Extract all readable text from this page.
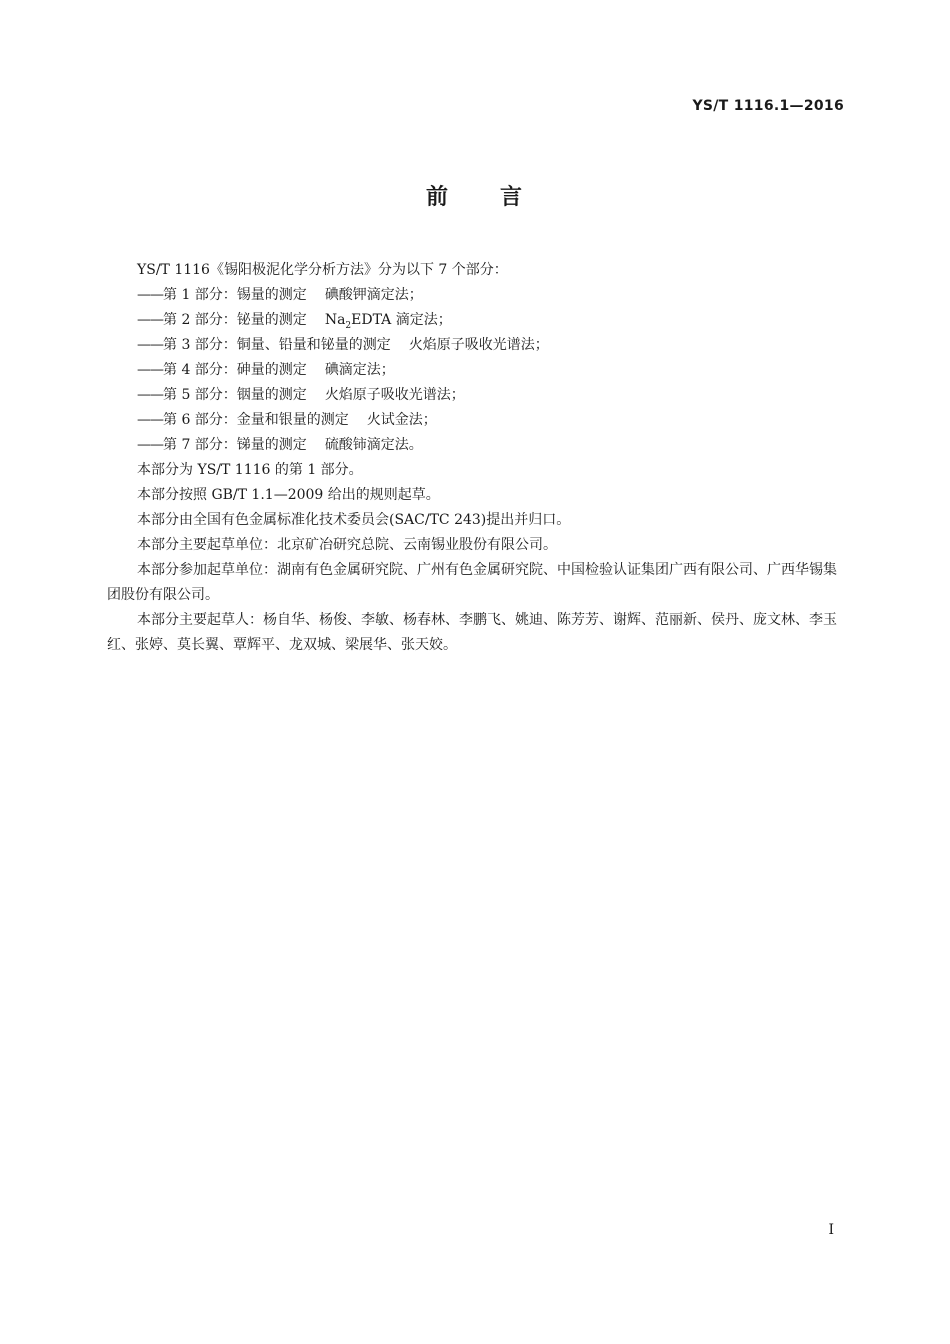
YS/T 1116.1—2016
前 言

YS/T 1116《锡阳极泥化学分析方法》分为以下 7 个部分：

——第 1 部分：锡量的测定 碘酸钾滴定法；

——第 2 部分：铋量的测定 $Na_2EDTA$ 滴定法；

——第 3 部分：铜量、铅量和铋量的测定 火焰原子吸收光谱法；

——第 4 部分：砷量的测定 碘滴定法；

——第 5 部分：铟量的测定 火焰原子吸收光谱法；

——第 6 部分：金量和银量的测定 火试金法；

——第 7 部分：锑量的测定 硫酸铈滴定法。

本部分为 YS/T 1116 的第 1 部分。

本部分按照 GB/T 1.1—2009 给出的规则起草。

本部分由全国有色金属标准化技术委员会(SAC/TC 243)提出并归口。

本部分主要起草单位：北京矿冶研究总院、云南锡业股份有限公司。

本部分参加起草单位：湖南有色金属研究院、广州有色金属研究院、中国检验认证集团广西有限公司、广西华锡集团股份有限公司。

本部分主要起草人：杨自华、杨俊、李敏、杨春林、李鹏飞、姚迪、陈芳芳、谢辉、范丽新、侯丹、庞文林、李玉红、张婷、莫长翼、覃辉平、龙双城、梁展华、张天姣。

I
